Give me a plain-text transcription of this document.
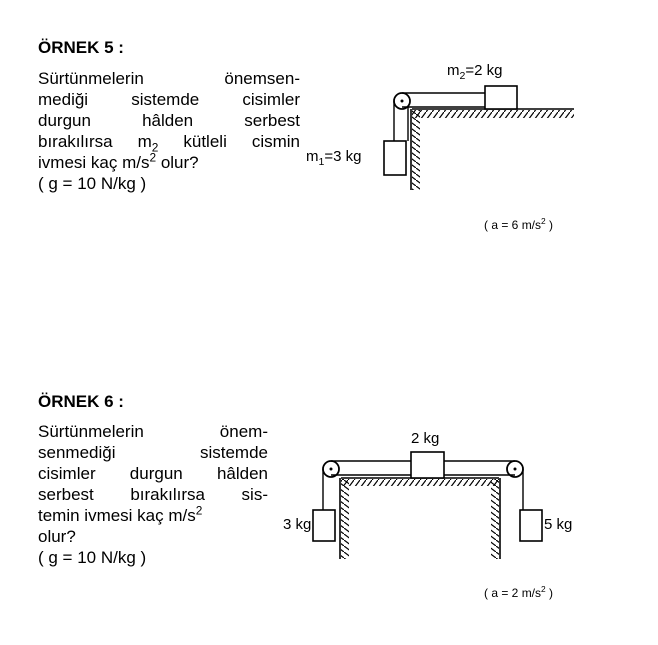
ÖRNEK 5 :
Sürtünmelerin önemsen-
mediği sistemde cisimler
durgun hâlden serbest
bırakılırsa $m_2$ kütleli cismin
ivmesi kaç $m/s^2$ olur?
( g = 10 N/kg )
$m_2=2$ kg
$m_1=3$ kg
( a = 6 $m/s^2$ )
ÖRNEK 6 :
Sürtünmelerin önem-
senmediği sistemde
cisimler durgun hâlden
serbest bırakılırsa sis-
temin ivmesi kaç $m/s^2$
olur?
( g = 10 N/kg )
2 kg
3 kg	5 kg
( a = 2 $m/s^2$ )
